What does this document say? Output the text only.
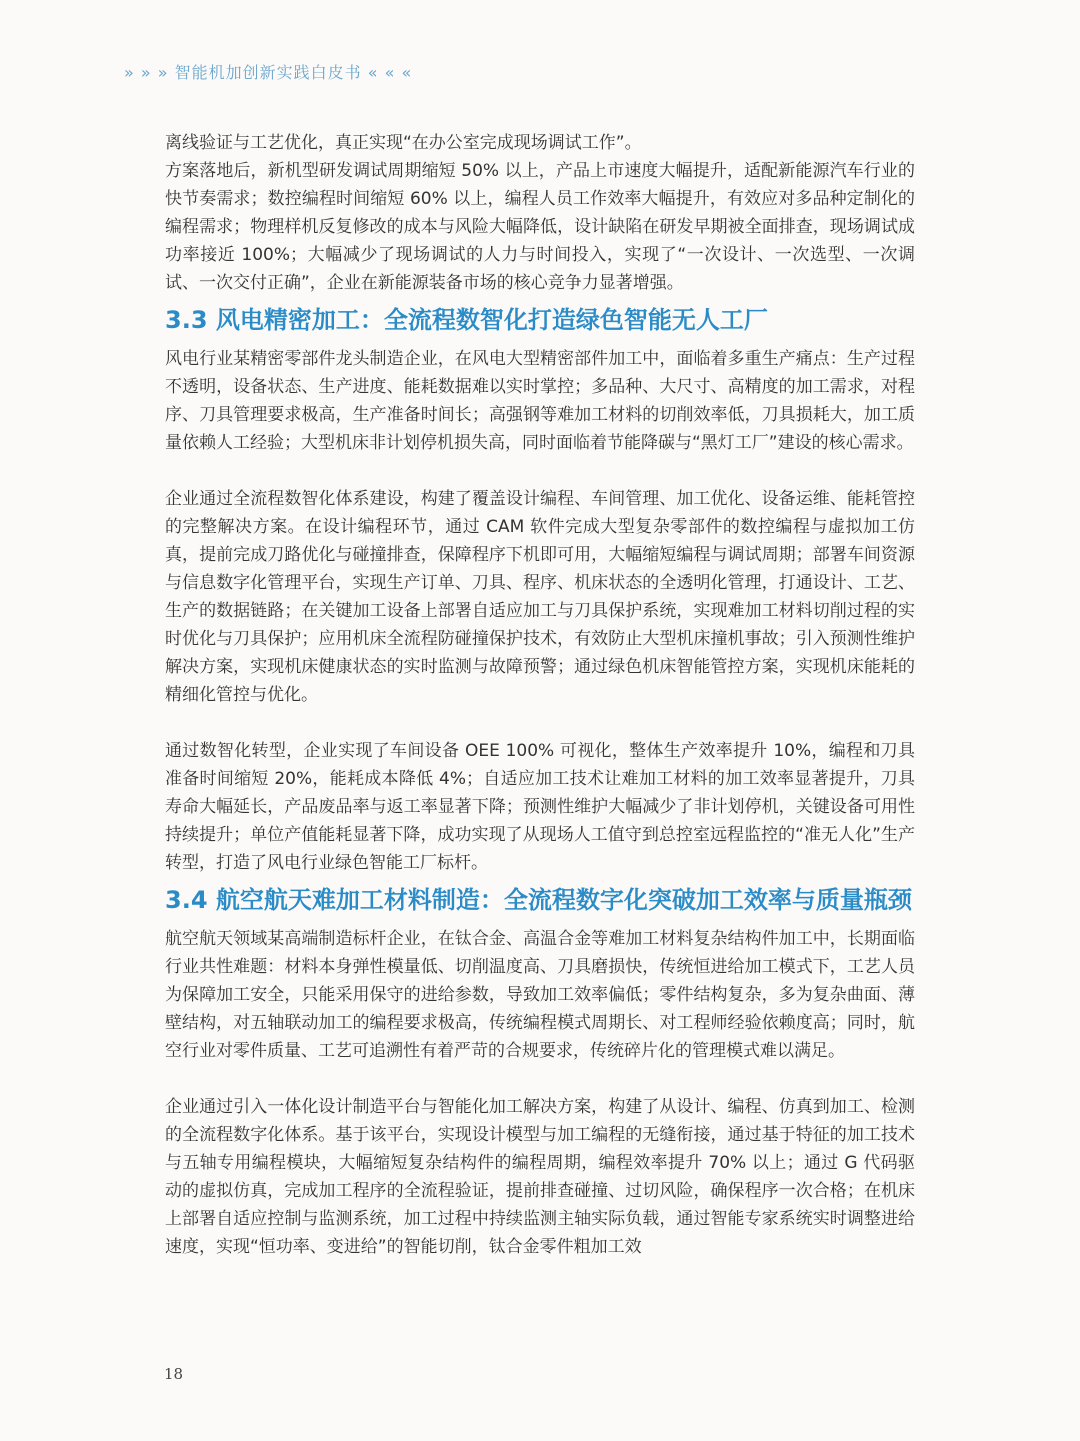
» » » 智能机加创新实践白皮书 « « «

离线验证与工艺优化，真正实现“在办公室完成现场调试工作”。

方案落地后，新机型研发调试周期缩短 50% 以上，产品上市速度大幅提升，适配新能源汽车行业的快节奏需求；数控编程时间缩短 60% 以上，编程人员工作效率大幅提升，有效应对多品种定制化的编程需求；物理样机反复修改的成本与风险大幅降低，设计缺陷在研发早期被全面排查，现场调试成功率接近 100%；大幅减少了现场调试的人力与时间投入，实现了“一次设计、一次选型、一次调试、一次交付正确”，企业在新能源装备市场的核心竞争力显著增强。

3.3 风电精密加工：全流程数智化打造绿色智能无人工厂

风电行业某精密零部件龙头制造企业，在风电大型精密部件加工中，面临着多重生产痛点：生产过程不透明，设备状态、生产进度、能耗数据难以实时掌控；多品种、大尺寸、高精度的加工需求，对程序、刀具管理要求极高，生产准备时间长；高强钢等难加工材料的切削效率低，刀具损耗大，加工质量依赖人工经验；大型机床非计划停机损失高，同时面临着节能降碳与“黑灯工厂”建设的核心需求。

企业通过全流程数智化体系建设，构建了覆盖设计编程、车间管理、加工优化、设备运维、能耗管控的完整解决方案。在设计编程环节，通过 CAM 软件完成大型复杂零部件的数控编程与虚拟加工仿真，提前完成刀路优化与碰撞排查，保障程序下机即可用，大幅缩短编程与调试周期；部署车间资源与信息数字化管理平台，实现生产订单、刀具、程序、机床状态的全透明化管理，打通设计、工艺、生产的数据链路；在关键加工设备上部署自适应加工与刀具保护系统，实现难加工材料切削过程的实时优化与刀具保护；应用机床全流程防碰撞保护技术，有效防止大型机床撞机事故；引入预测性维护解决方案，实现机床健康状态的实时监测与故障预警；通过绿色机床智能管控方案，实现机床能耗的精细化管控与优化。

通过数智化转型，企业实现了车间设备 OEE 100% 可视化，整体生产效率提升 10%，编程和刀具准备时间缩短 20%，能耗成本降低 4%；自适应加工技术让难加工材料的加工效率显著提升，刀具寿命大幅延长，产品废品率与返工率显著下降；预测性维护大幅减少了非计划停机，关键设备可用性持续提升；单位产值能耗显著下降，成功实现了从现场人工值守到总控室远程监控的“准无人化”生产转型，打造了风电行业绿色智能工厂标杆。

3.4 航空航天难加工材料制造：全流程数字化突破加工效率与质量瓶颈

航空航天领域某高端制造标杆企业，在钛合金、高温合金等难加工材料复杂结构件加工中，长期面临行业共性难题：材料本身弹性模量低、切削温度高、刀具磨损快，传统恒进给加工模式下，工艺人员为保障加工安全，只能采用保守的进给参数，导致加工效率偏低；零件结构复杂，多为复杂曲面、薄壁结构，对五轴联动加工的编程要求极高，传统编程模式周期长、对工程师经验依赖度高；同时，航空行业对零件质量、工艺可追溯性有着严苛的合规要求，传统碎片化的管理模式难以满足。

企业通过引入一体化设计制造平台与智能化加工解决方案，构建了从设计、编程、仿真到加工、检测的全流程数字化体系。基于该平台，实现设计模型与加工编程的无缝衔接，通过基于特征的加工技术与五轴专用编程模块，大幅缩短复杂结构件的编程周期，编程效率提升 70% 以上；通过 G 代码驱动的虚拟仿真，完成加工程序的全流程验证，提前排查碰撞、过切风险，确保程序一次合格；在机床上部署自适应控制与监测系统，加工过程中持续监测主轴实际负载，通过智能专家系统实时调整进给速度，实现“恒功率、变进给”的智能切削，钛合金零件粗加工效

18
